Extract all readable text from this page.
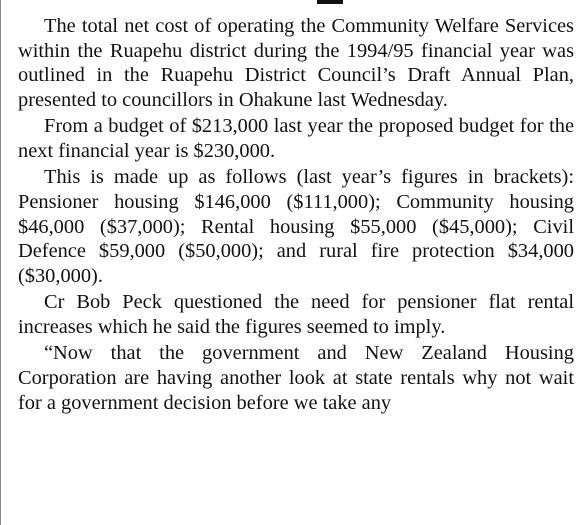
The total net cost of operating the Community Welfare Services within the Ruapehu district during the 1994/95 financial year was outlined in the Ruapehu District Council’s Draft Annual Plan, presented to councillors in Ohakune last Wednesday.

From a budget of $213,000 last year the proposed budget for the next financial year is $230,000.

This is made up as follows (last year’s figures in brackets): Pensioner housing $146,000 ($111,000); Community housing $46,000 ($37,000); Rental housing $55,000 ($45,000); Civil Defence $59,000 ($50,000); and rural fire protection $34,000 ($30,000).

Cr Bob Peck questioned the need for pensioner flat rental increases which he said the figures seemed to imply.

“Now that the government and New Zealand Housing Corporation are having another look at state rentals why not wait for a government decision before we take any
